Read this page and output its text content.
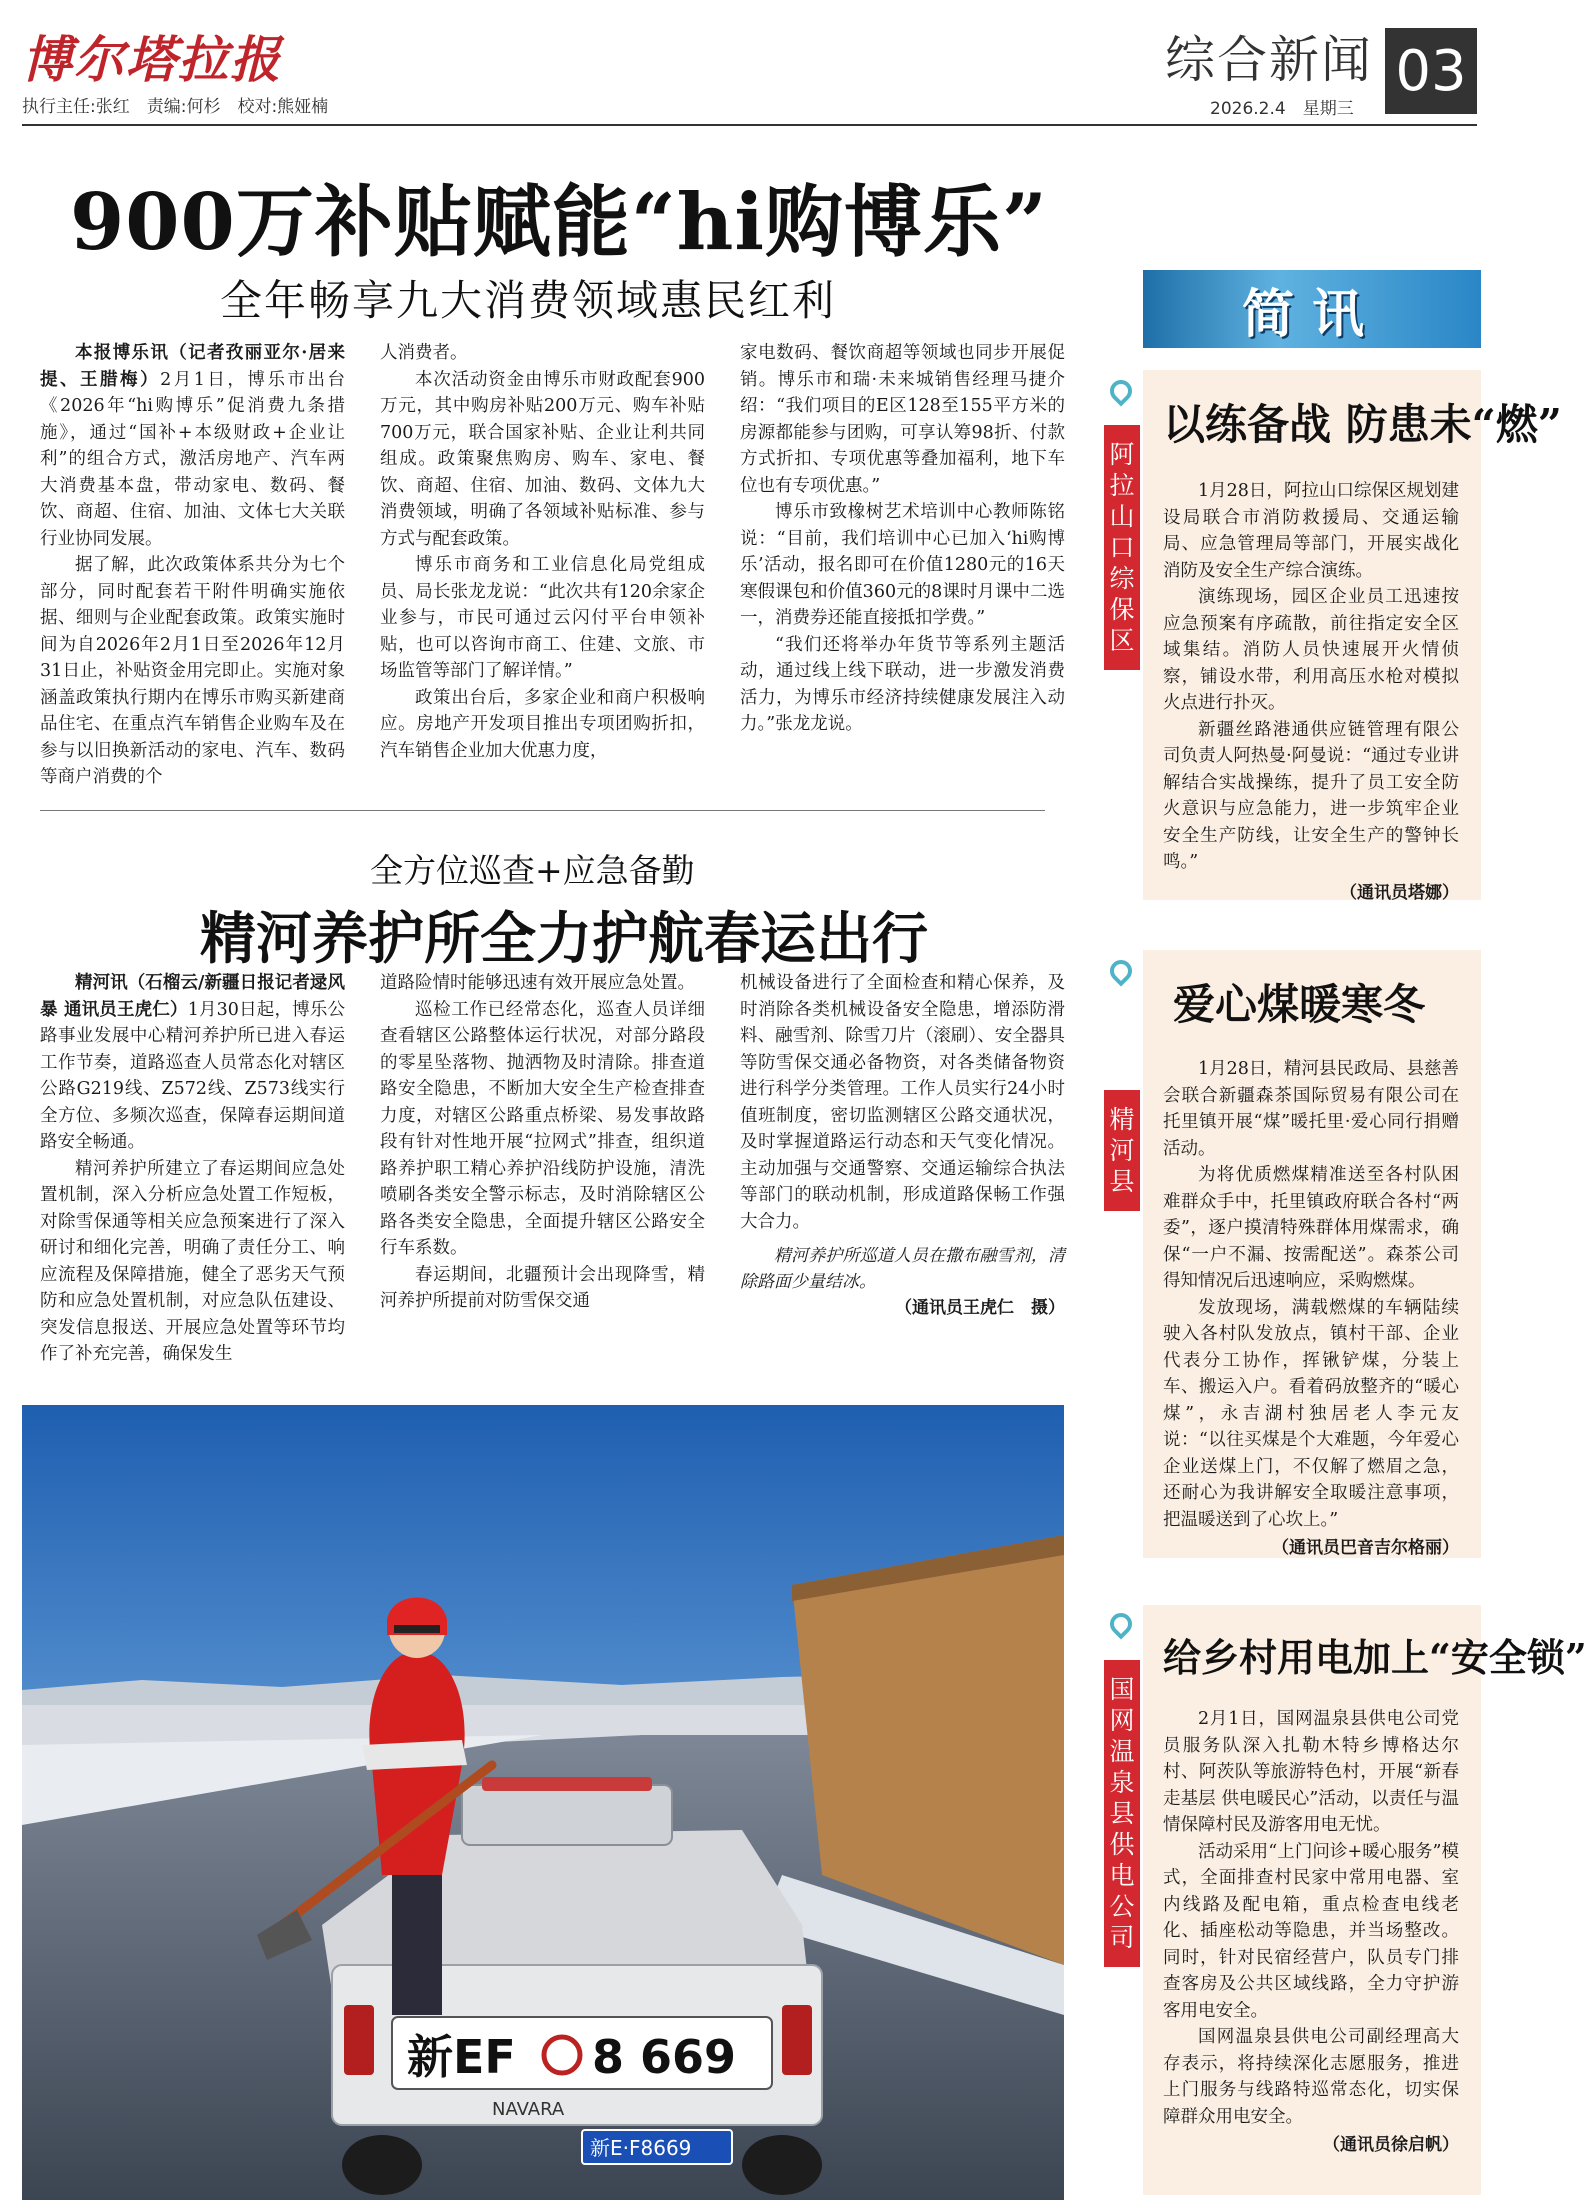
博尔塔拉报
执行主任:张红　责编:何杉　校对:熊娅楠
综合新闻 03
2026.2.4　星期三
900万补贴赋能“hi购博乐”
全年畅享九大消费领域惠民红利

本报博乐讯（记者孜丽亚尔·居来提、王腊梅）2月1日，博乐市出台《2026年“hi购博乐”促消费九条措施》，通过“国补+本级财政+企业让利”的组合方式，激活房地产、汽车两大消费基本盘，带动家电、数码、餐饮、商超、住宿、加油、文体七大关联行业协同发展。

据了解，此次政策体系共分为七个部分，同时配套若干附件明确实施依据、细则与企业配套政策。政策实施时间为自2026年2月1日至2026年12月31日止，补贴资金用完即止。实施对象涵盖政策执行期内在博乐市购买新建商品住宅、在重点汽车销售企业购车及在参与以旧换新活动的家电、汽车、数码等商户消费的个

人消费者。

本次活动资金由博乐市财政配套900万元，其中购房补贴200万元、购车补贴700万元，联合国家补贴、企业让利共同组成。政策聚焦购房、购车、家电、餐饮、商超、住宿、加油、数码、文体九大消费领域，明确了各领域补贴标准、参与方式与配套政策。

博乐市商务和工业信息化局党组成员、局长张龙龙说：“此次共有120余家企业参与，市民可通过云闪付平台申领补贴，也可以咨询市商工、住建、文旅、市场监管等部门了解详情。”

政策出台后，多家企业和商户积极响应。房地产开发项目推出专项团购折扣，汽车销售企业加大优惠力度，

家电数码、餐饮商超等领域也同步开展促销。博乐市和瑞·未来城销售经理马捷介绍：“我们项目的E区128至155平方米的房源都能参与团购，可享认筹98折、付款方式折扣、专项优惠等叠加福利，地下车位也有专项优惠。”

博乐市致橡树艺术培训中心教师陈铭说：“目前，我们培训中心已加入‘hi购博乐’活动，报名即可在价值1280元的16天寒假课包和价值360元的8课时月课中二选一，消费券还能直接抵扣学费。”

“我们还将举办年货节等系列主题活动，通过线上线下联动，进一步激发消费活力，为博乐市经济持续健康发展注入动力。”张龙龙说。

全方位巡查+应急备勤
精河养护所全力护航春运出行

精河讯（石榴云/新疆日报记者逯风暴 通讯员王虎仁）1月30日起，博乐公路事业发展中心精河养护所已进入春运工作节奏，道路巡查人员常态化对辖区公路G219线、Z572线、Z573线实行全方位、多频次巡查，保障春运期间道路安全畅通。

精河养护所建立了春运期间应急处置机制，深入分析应急处置工作短板，对除雪保通等相关应急预案进行了深入研讨和细化完善，明确了责任分工、响应流程及保障措施，健全了恶劣天气预防和应急处置机制，对应急队伍建设、突发信息报送、开展应急处置等环节均作了补充完善，确保发生

道路险情时能够迅速有效开展应急处置。

巡检工作已经常态化，巡查人员详细查看辖区公路整体运行状况，对部分路段的零星坠落物、抛洒物及时清除。排查道路安全隐患，不断加大安全生产检查排查力度，对辖区公路重点桥梁、易发事故路段有针对性地开展“拉网式”排查，组织道路养护职工精心养护沿线防护设施，清洗喷刷各类安全警示标志，及时消除辖区公路各类安全隐患，全面提升辖区公路安全行车系数。

春运期间，北疆预计会出现降雪，精河养护所提前对防雪保交通

机械设备进行了全面检查和精心保养，及时消除各类机械设备安全隐患，增添防滑料、融雪剂、除雪刀片（滚刷）、安全器具等防雪保交通必备物资，对各类储备物资进行科学分类管理。工作人员实行24小时值班制度，密切监测辖区公路交通状况，及时掌握道路运行动态和天气变化情况。主动加强与交通警察、交通运输综合执法等部门的联动机制，形成道路保畅工作强大合力。

精河养护所巡道人员在撒布融雪剂，清除路面少量结冰。

（通讯员王虎仁　摄）
新EF 8 669
NAVARA
新E·F8669
简讯
阿拉山口综保区
以练备战 防患未“燃”

1月28日，阿拉山口综保区规划建设局联合市消防救援局、交通运输局、应急管理局等部门，开展实战化消防及安全生产综合演练。

演练现场，园区企业员工迅速按应急预案有序疏散，前往指定安全区域集结。消防人员快速展开火情侦察，铺设水带，利用高压水枪对模拟火点进行扑灭。

新疆丝路港通供应链管理有限公司负责人阿热曼·阿曼说：“通过专业讲解结合实战操练，提升了员工安全防火意识与应急能力，进一步筑牢企业安全生产防线，让安全生产的警钟长鸣。”

（通讯员塔娜）
精河县
爱心煤暖寒冬

1月28日，精河县民政局、县慈善会联合新疆森茶国际贸易有限公司在托里镇开展“煤”暖托里·爱心同行捐赠活动。

为将优质燃煤精准送至各村队困难群众手中，托里镇政府联合各村“两委”，逐户摸清特殊群体用煤需求，确保“一户不漏、按需配送”。森茶公司得知情况后迅速响应，采购燃煤。

发放现场，满载燃煤的车辆陆续驶入各村队发放点，镇村干部、企业代表分工协作，挥锹铲煤，分装上车、搬运入户。看着码放整齐的“暖心煤”，永吉湖村独居老人李元友说：“以往买煤是个大难题，今年爱心企业送煤上门，不仅解了燃眉之急，还耐心为我讲解安全取暖注意事项，把温暖送到了心坎上。”

（通讯员巴音吉尔格丽）
国网温泉县供电公司
给乡村用电加上“安全锁”

2月1日，国网温泉县供电公司党员服务队深入扎勒木特乡博格达尔村、阿茨队等旅游特色村，开展“新春走基层 供电暖民心”活动，以责任与温情保障村民及游客用电无忧。

活动采用“上门问诊+暖心服务”模式，全面排查村民家中常用电器、室内线路及配电箱，重点检查电线老化、插座松动等隐患，并当场整改。同时，针对民宿经营户，队员专门排查客房及公共区域线路，全力守护游客用电安全。

国网温泉县供电公司副经理高大存表示，将持续深化志愿服务，推进上门服务与线路特巡常态化，切实保障群众用电安全。

（通讯员徐启帆）
